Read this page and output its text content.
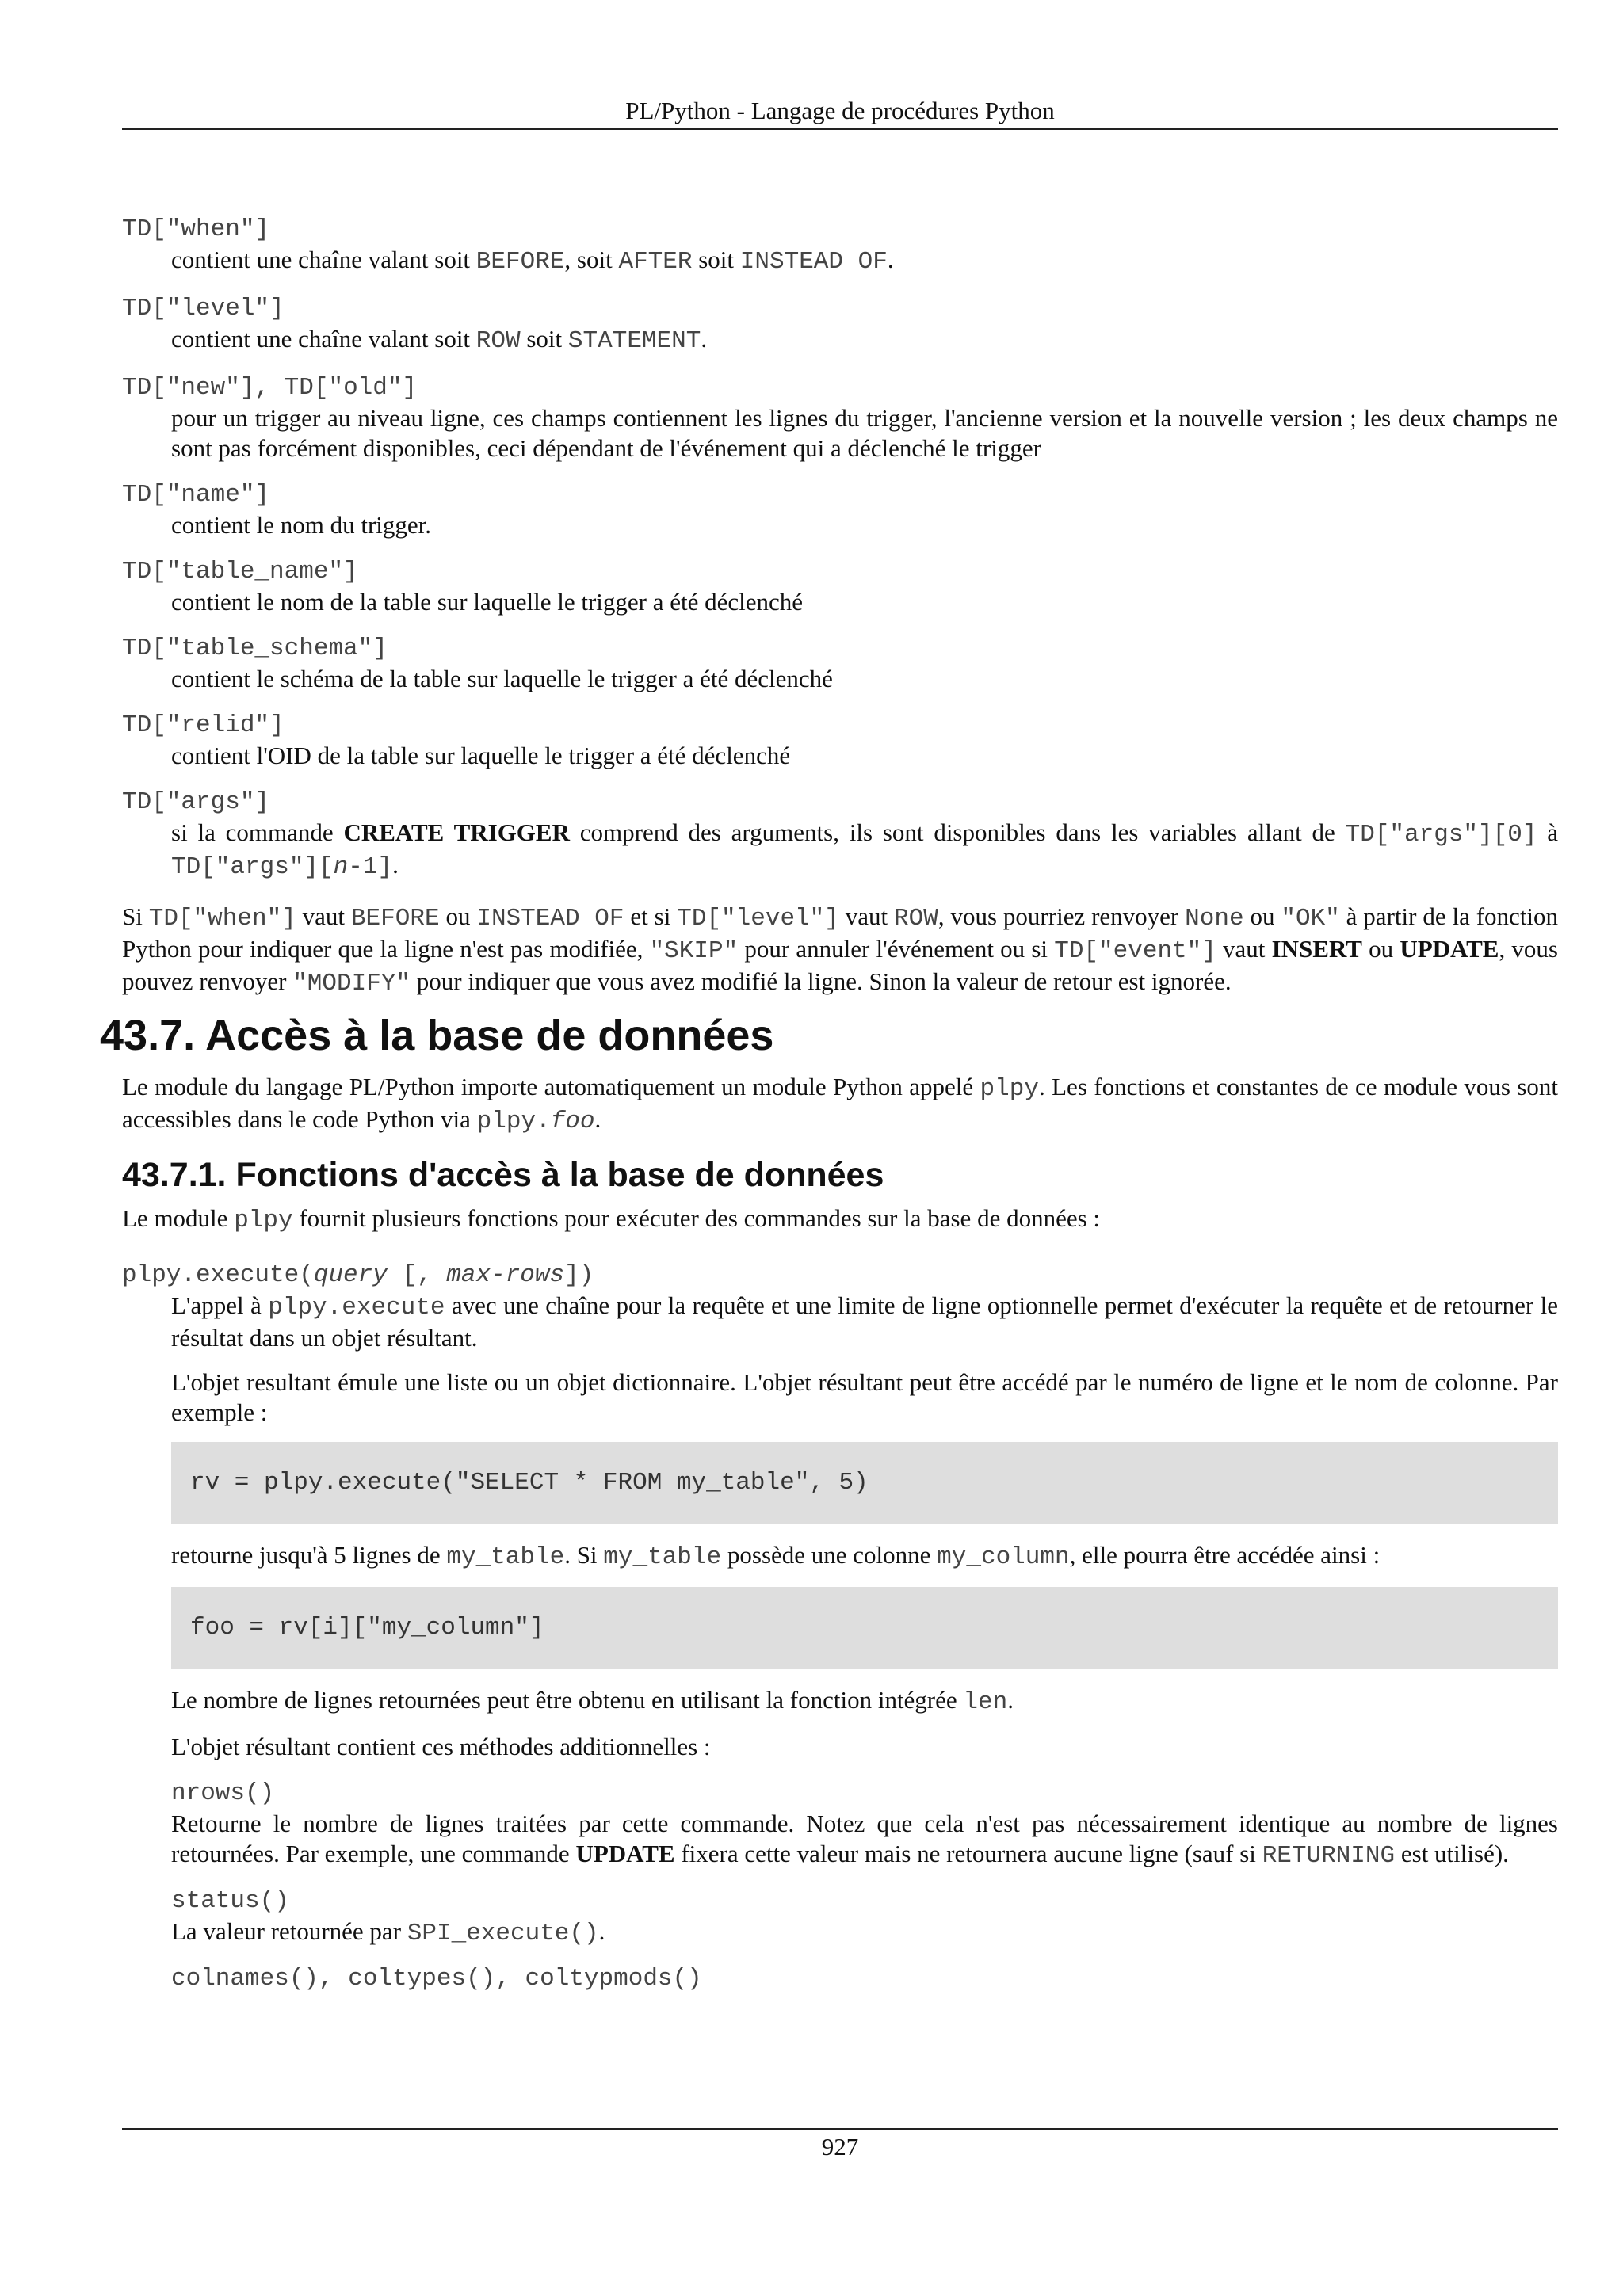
PL/Python - Langage de procédures Python
TD["when"]
contient une chaîne valant soit BEFORE, soit AFTER soit INSTEAD OF.
TD["level"]
contient une chaîne valant soit ROW soit STATEMENT.
TD["new"], TD["old"]
pour un trigger au niveau ligne, ces champs contiennent les lignes du trigger, l'ancienne version et la nouvelle version ; les deux champs ne sont pas forcément disponibles, ceci dépendant de l'événement qui a déclenché le trigger
TD["name"]
contient le nom du trigger.
TD["table_name"]
contient le nom de la table sur laquelle le trigger a été déclenché
TD["table_schema"]
contient le schéma de la table sur laquelle le trigger a été déclenché
TD["relid"]
contient l'OID de la table sur laquelle le trigger a été déclenché
TD["args"]
si la commande CREATE TRIGGER comprend des arguments, ils sont disponibles dans les variables allant de TD["args"][0] à TD["args"][n-1].

Si TD["when"] vaut BEFORE ou INSTEAD OF et si TD["level"] vaut ROW, vous pourriez renvoyer None ou "OK" à partir de la fonction Python pour indiquer que la ligne n'est pas modifiée, "SKIP" pour annuler l'événement ou si TD["event"] vaut INSERT ou UPDATE, vous pouvez renvoyer "MODIFY" pour indiquer que vous avez modifié la ligne. Sinon la valeur de retour est ignorée.

43.7. Accès à la base de données

Le module du langage PL/Python importe automatiquement un module Python appelé plpy. Les fonctions et constantes de ce module vous sont accessibles dans le code Python via plpy.foo.

43.7.1. Fonctions d'accès à la base de données

Le module plpy fournit plusieurs fonctions pour exécuter des commandes sur la base de données :

plpy.execute(query [, max-rows])

L'appel à plpy.execute avec une chaîne pour la requête et une limite de ligne optionnelle permet d'exécuter la requête et de retourner le résultat dans un objet résultant.

L'objet resultant émule une liste ou un objet dictionnaire. L'objet résultant peut être accédé par le numéro de ligne et le nom de colonne. Par exemple :

rv = plpy.execute("SELECT * FROM my_table", 5)

retourne jusqu'à 5 lignes de my_table. Si my_table possède une colonne my_column, elle pourra être accédée ainsi :

foo = rv[i]["my_column"]

Le nombre de lignes retournées peut être obtenu en utilisant la fonction intégrée len.

L'objet résultant contient ces méthodes additionnelles :

nrows()
Retourne le nombre de lignes traitées par cette commande. Notez que cela n'est pas nécessairement identique au nombre de lignes retournées. Par exemple, une commande UPDATE fixera cette valeur mais ne retournera aucune ligne (sauf si RETURNING est utilisé).
status()
La valeur retournée par SPI_execute().
colnames(), coltypes(), coltypmods()
927
